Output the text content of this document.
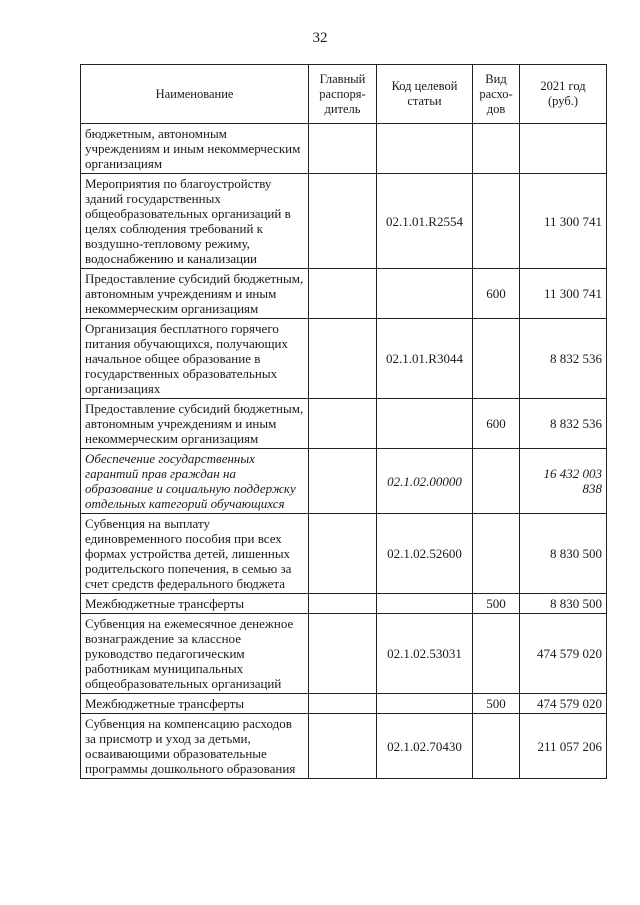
32
Наименование	Главный распоря-дитель	Код целевой статьи	Вид расхо-дов	2021 год (руб.)
бюджетным, автономным учреждениям и иным некоммерческим организациям				
Мероприятия по благоустройству зданий государственных общеобразовательных организаций в целях соблюдения требований к воздушно-тепловому режиму, водоснабжению и канализации		02.1.01.R2554		11 300 741
Предоставление субсидий бюджетным, автономным учреждениям и иным некоммерческим организациям			600	11 300 741
Организация бесплатного горячего питания обучающихся, получающих начальное общее образование в государственных образовательных организациях		02.1.01.R3044		8 832 536
Предоставление субсидий бюджетным, автономным учреждениям и иным некоммерческим организациям			600	8 832 536
Обеспечение государственных гарантий прав граждан на образование и социальную поддержку отдельных категорий обучающихся		02.1.02.00000		16 432 003 838
Субвенция на выплату единовременного пособия при всех формах устройства детей, лишенных родительского попечения, в семью за счет средств федерального бюджета		02.1.02.52600		8 830 500
Межбюджетные трансферты			500	8 830 500
Субвенция на ежемесячное денежное вознаграждение за классное руководство педагогическим работникам муниципальных общеобразовательных организаций		02.1.02.53031		474 579 020
Межбюджетные трансферты			500	474 579 020
Субвенция на компенсацию расходов за присмотр и уход за детьми, осваивающими образовательные программы дошкольного образования		02.1.02.70430		211 057 206
